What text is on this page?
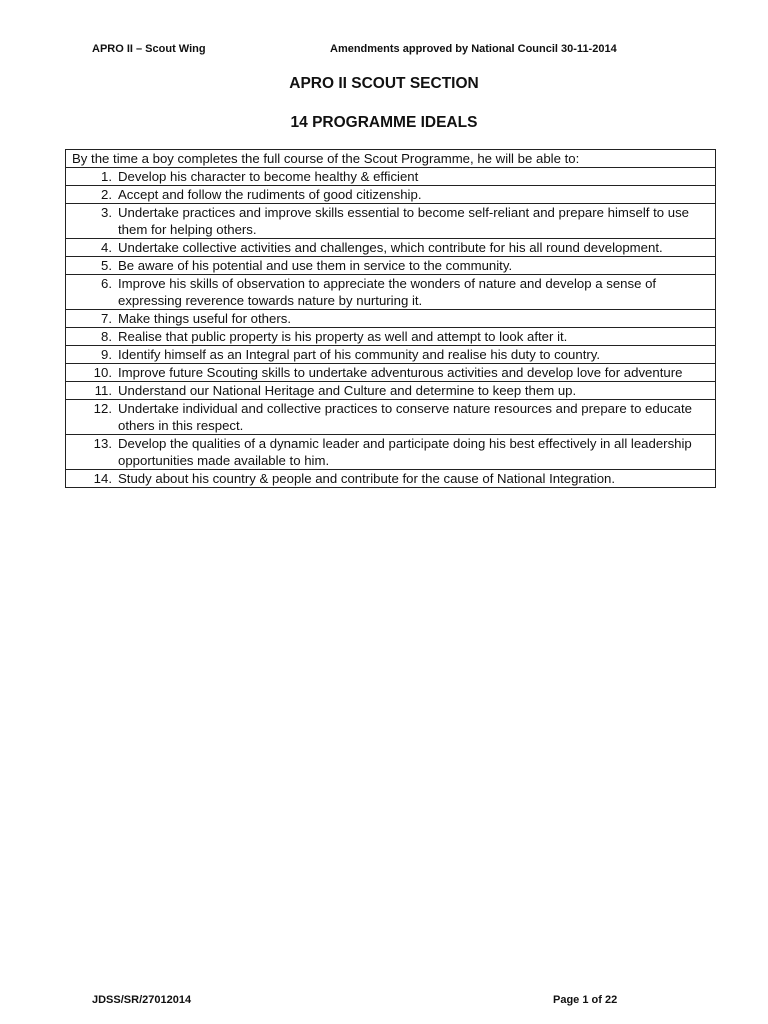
APRO II – Scout Wing	Amendments approved by National Council 30-11-2014
APRO II SCOUT SECTION
14 PROGRAMME IDEALS
By the time a boy completes the full course of the Scout Programme, he will be able to:

1. Develop his character to become healthy & efficient

2. Accept and follow the rudiments of good citizenship.

3. Undertake practices and improve skills essential to become self-reliant and prepare himself to use them for helping others.

4. Undertake collective activities and challenges, which contribute for his all round development.

5. Be aware of his potential and use them in service to the community.

6. Improve his skills of observation to appreciate the wonders of nature and develop a sense of expressing reverence towards nature by nurturing it.

7. Make things useful for others.

8. Realise that public property is his property as well and attempt to look after it.

9. Identify himself as an Integral part of his community and realise his duty to country.

10. Improve future Scouting skills to undertake adventurous activities and develop love for adventure

11. Understand our National Heritage and Culture and determine to keep them up.

12. Undertake individual and collective practices to conserve nature resources and prepare to educate others in this respect.

13. Develop the qualities of a dynamic leader and participate doing his best effectively in all leadership opportunities made available to him.

14. Study about his country & people and contribute for the cause of National Integration.
JDSS/SR/27012014	Page 1 of 22
